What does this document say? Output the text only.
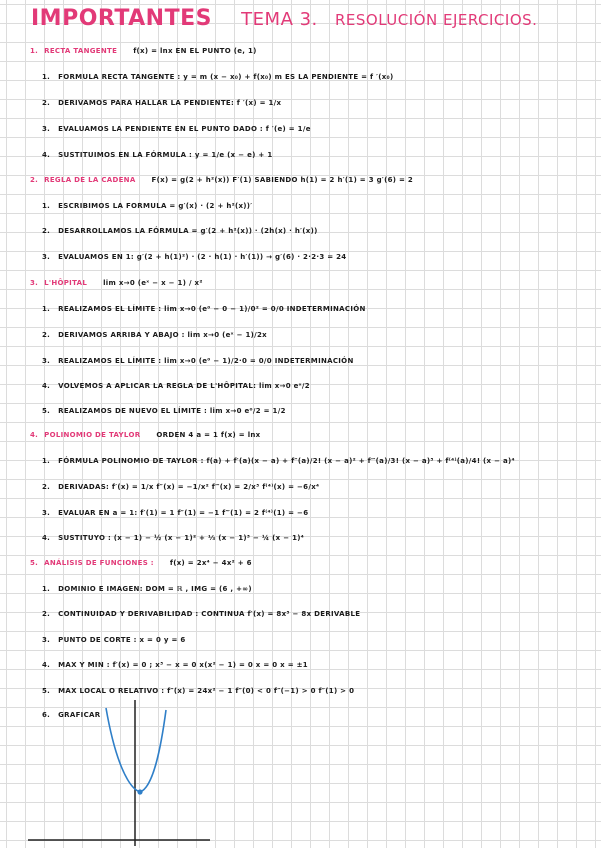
IMPORTANTES TEMA 3. RESOLUCIÓN EJERCICIOS.
1. RECTA TANGENTE f(x) = lnx EN EL PUNTO (e, 1)
1. FORMULA RECTA TANGENTE : y = m (x − x₀) + f(x₀) m ES LA PENDIENTE = f ′(x₀)
2. DERIVAMOS PARA HALLAR LA PENDIENTE: f ′(x) = 1/x
3. EVALUAMOS LA PENDIENTE EN EL PUNTO DADO : f ′(e) = 1/e
4. SUSTITUIMOS EN LA FÓRMULA : y = 1/e (x − e) + 1
2. REGLA DE LA CADENA F(x) = g(2 + h²(x)) F′(1) SABIENDO h(1) = 2 h′(1) = 3 g′(6) = 2
1. ESCRIBIMOS LA FORMULA = g′(x) · (2 + h²(x))′
2. DESARROLLAMOS LA FÓRMULA = g′(2 + h²(x)) · (2h(x) · h′(x))
3. EVALUAMOS EN 1: g′(2 + h(1)²) · (2 · h(1) · h′(1)) → g′(6) · 2·2·3 = 24
3. L'HÔPITAL lim x→0 (eˣ − x − 1) / x²
1. REALIZAMOS EL LÍMITE : lim x→0 (e⁰ − 0 − 1)/0² = 0/0 INDETERMINACIÓN
2. DERIVAMOS ARRIBA Y ABAJO : lim x→0 (eˣ − 1)/2x
3. REALIZAMOS EL LÍMITE : lim x→0 (e⁰ − 1)/2·0 = 0/0 INDETERMINACIÓN
4. VOLVEMOS A APLICAR LA REGLA DE L'HÔPITAL: lim x→0 eˣ/2
5. REALIZAMOS DE NUEVO EL LÍMITE : lim x→0 e⁰/2 = 1/2
4. POLINOMIO DE TAYLOR ORDEN 4 a = 1 f(x) = lnx
1. FÓRMULA POLINOMIO DE TAYLOR : f(a) + f′(a)(x − a) + f″(a)/2! (x − a)² + f‴(a)/3! (x − a)³ + f⁽⁴⁾(a)/4! (x − a)⁴
2. DERIVADAS: f′(x) = 1/x f″(x) = −1/x² f‴(x) = 2/x³ f⁽⁴⁾(x) = −6/x⁴
3. EVALUAR EN a = 1: f′(1) = 1 f″(1) = −1 f‴(1) = 2 f⁽⁴⁾(1) = −6
4. SUSTITUYO : (x − 1) − ½ (x − 1)² + ⅓ (x − 1)³ − ¼ (x − 1)⁴
5. ANÁLISIS DE FUNCIONES : f(x) = 2x⁴ − 4x² + 6
1. DOMINIO E IMAGEN: DOM = ℝ , IMG = (6 , +∞)
2. CONTINUIDAD Y DERIVABILIDAD : CONTINUA f′(x) = 8x³ − 8x DERIVABLE
3. PUNTO DE CORTE : x = 0 y = 6
4. MAX Y MIN : f′(x) = 0 ; x³ − x = 0 x(x² − 1) = 0 x = 0 x = ±1
5. MAX LOCAL O RELATIVO : f″(x) = 24x² − 1 f″(0) < 0 f″(−1) > 0 f″(1) > 0
6. GRAFICAR
